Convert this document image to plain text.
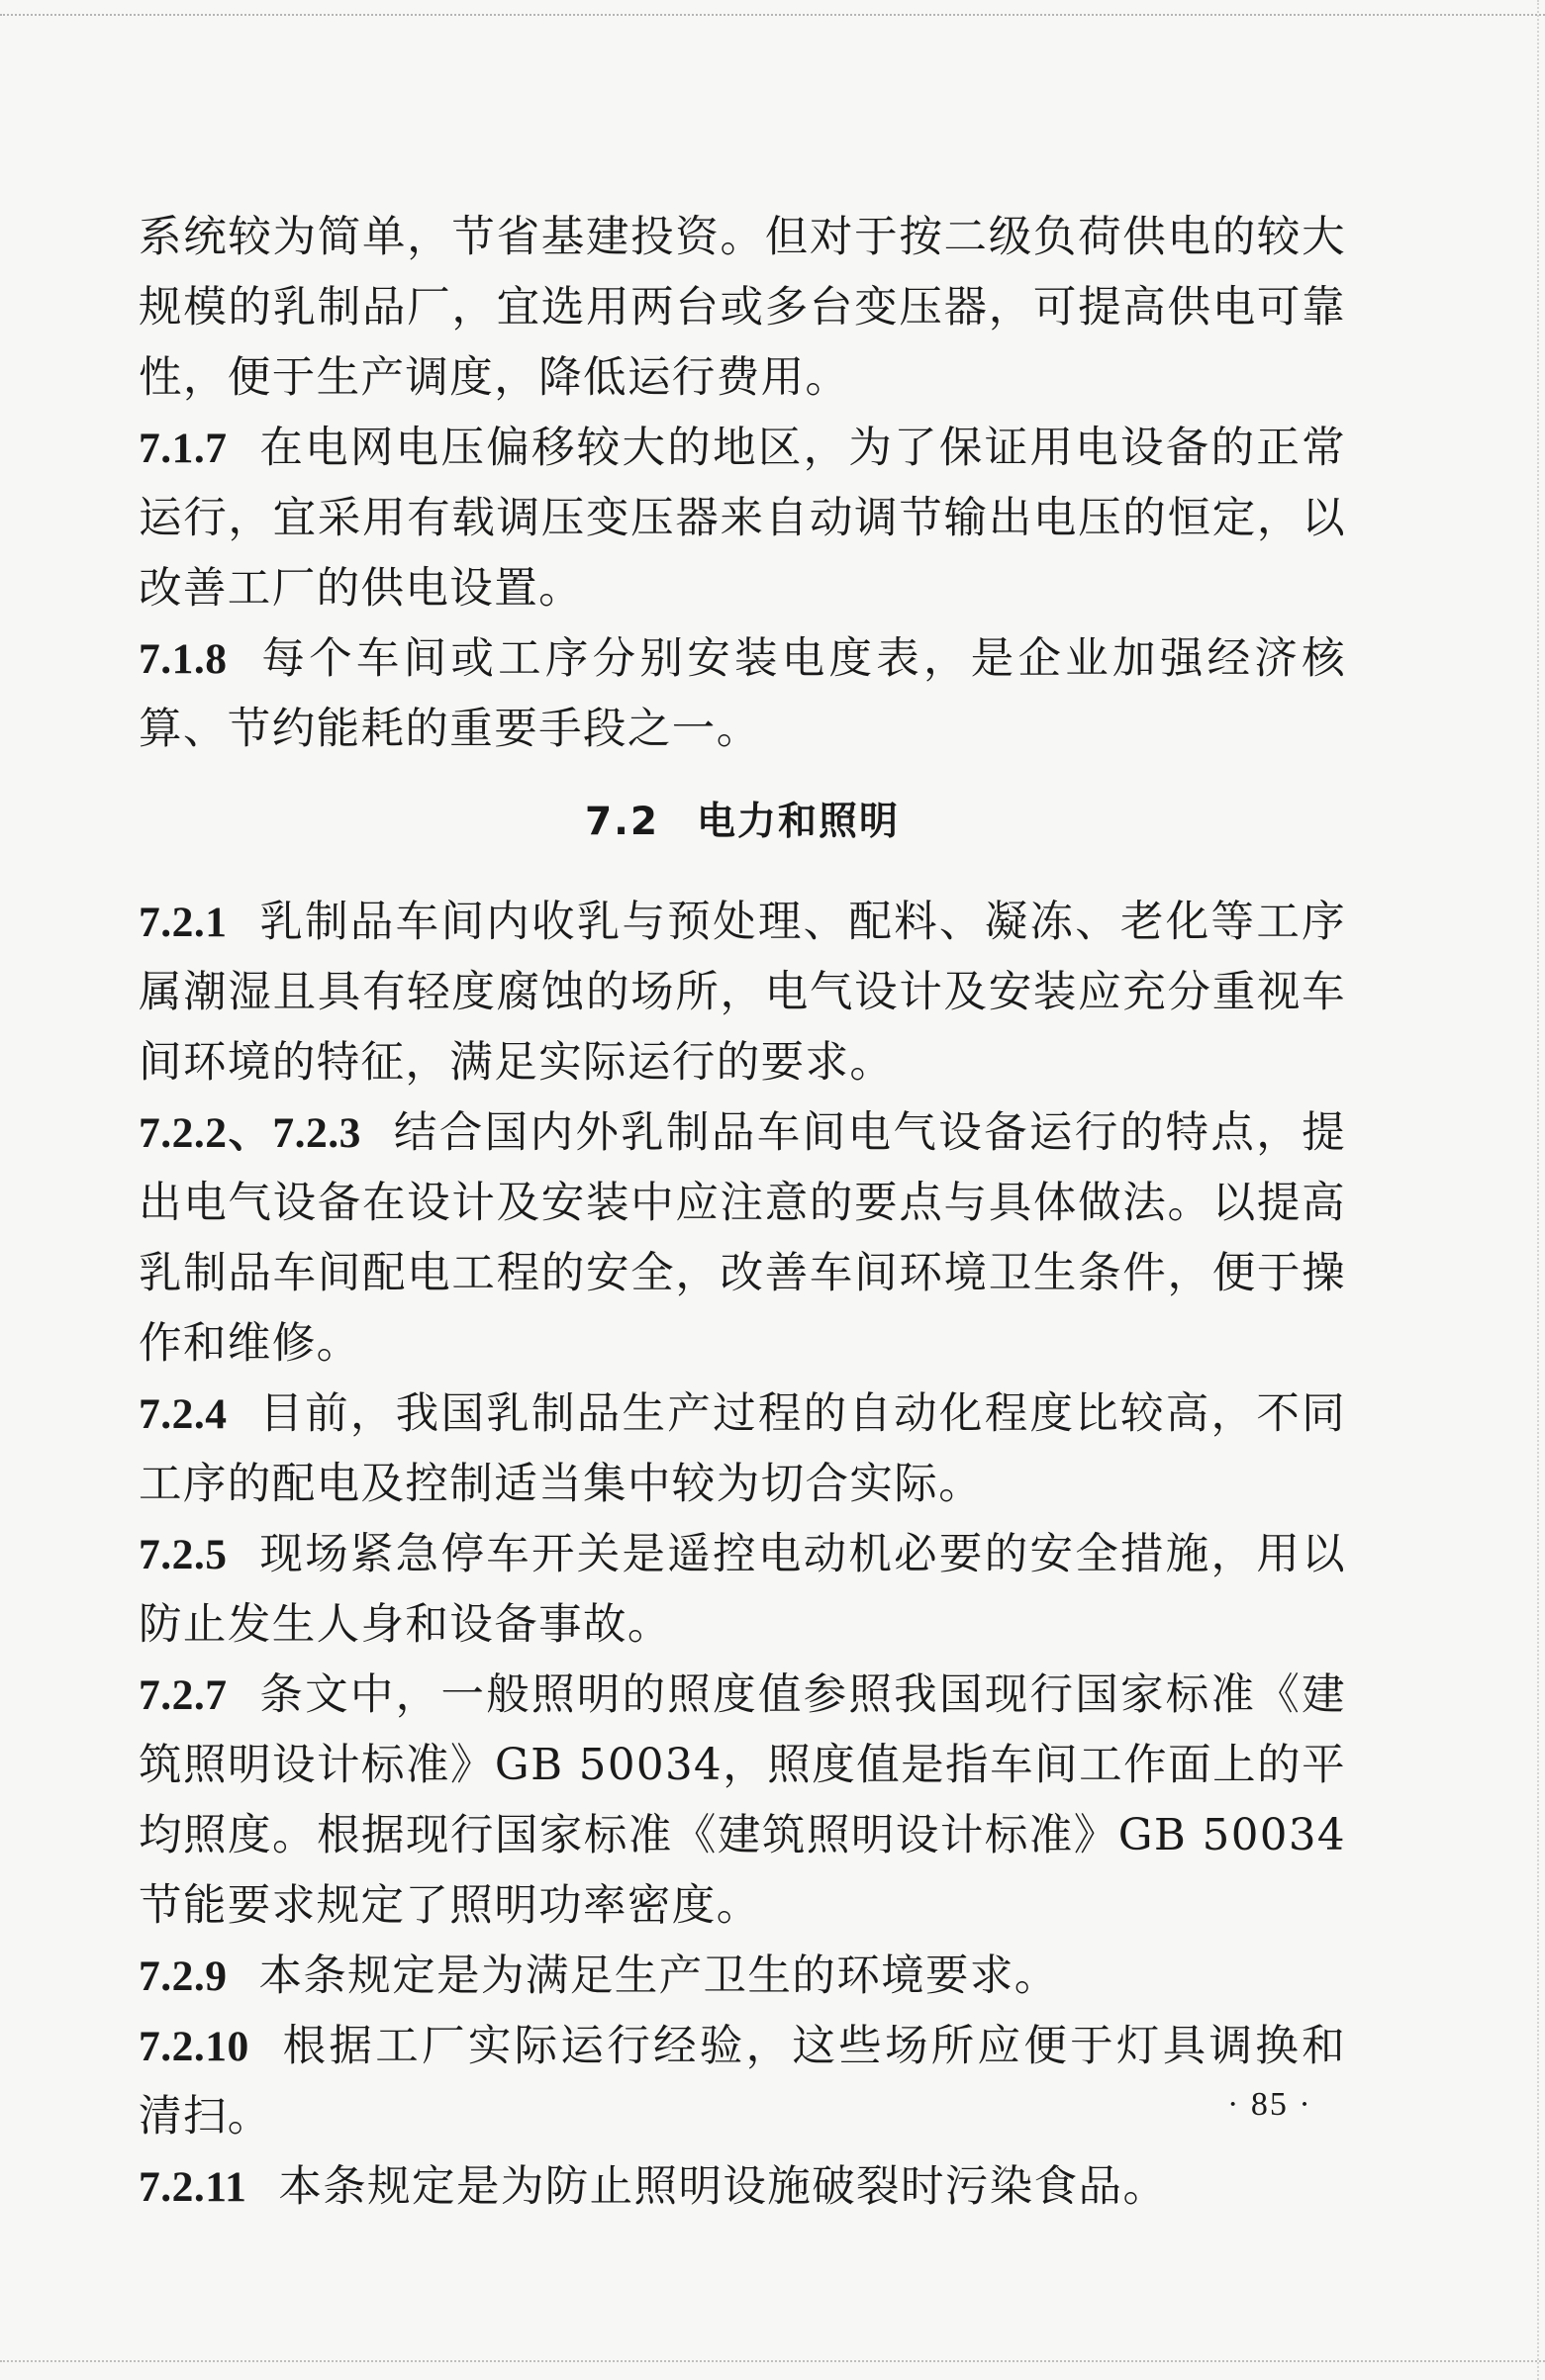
系统较为简单，节省基建投资。但对于按二级负荷供电的较大规模的乳制品厂，宜选用两台或多台变压器，可提高供电可靠性，便于生产调度，降低运行费用。

7.1.7 在电网电压偏移较大的地区，为了保证用电设备的正常运行，宜采用有载调压变压器来自动调节输出电压的恒定，以改善工厂的供电设置。

7.1.8 每个车间或工序分别安装电度表，是企业加强经济核算、节约能耗的重要手段之一。

7.2 电力和照明

7.2.1 乳制品车间内收乳与预处理、配料、凝冻、老化等工序属潮湿且具有轻度腐蚀的场所，电气设计及安装应充分重视车间环境的特征，满足实际运行的要求。

7.2.2、7.2.3 结合国内外乳制品车间电气设备运行的特点，提出电气设备在设计及安装中应注意的要点与具体做法。以提高乳制品车间配电工程的安全，改善车间环境卫生条件，便于操作和维修。

7.2.4 目前，我国乳制品生产过程的自动化程度比较高，不同工序的配电及控制适当集中较为切合实际。

7.2.5 现场紧急停车开关是遥控电动机必要的安全措施，用以防止发生人身和设备事故。

7.2.7 条文中，一般照明的照度值参照我国现行国家标准《建筑照明设计标准》GB 50034，照度值是指车间工作面上的平均照度。根据现行国家标准《建筑照明设计标准》GB 50034 节能要求规定了照明功率密度。

7.2.9 本条规定是为满足生产卫生的环境要求。

7.2.10 根据工厂实际运行经验，这些场所应便于灯具调换和清扫。

7.2.11 本条规定是为防止照明设施破裂时污染食品。

· 85 ·
